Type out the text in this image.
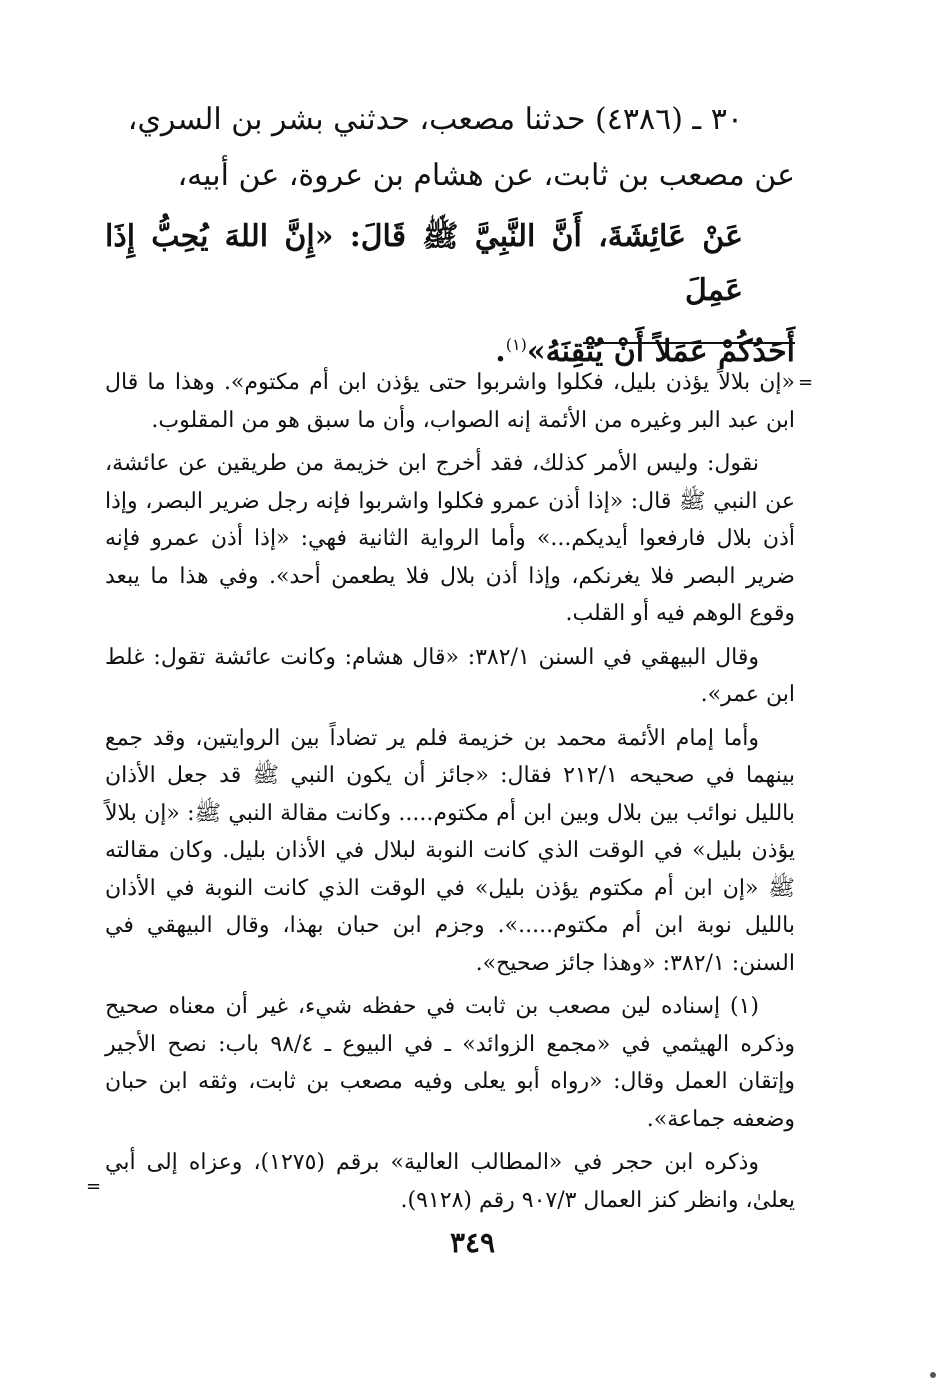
٣٠ ـ (٤٣٨٦) حدثنا مصعب، حدثني بشر بن السري،

عن مصعب بن ثابت، عن هشام بن عروة، عن أبيه،

عَنْ عَائِشَةَ، أَنَّ النَّبِيَّ ﷺ قَالَ: «إِنَّ اللهَ يُحِبُّ إِذَا عَمِلَ

أَحَدُكُمْ عَمَلاً أَنْ يُتْقِنَهُ»$^{(١)}$.

=

«إن بلالاً يؤذن بليل، فكلوا واشربوا حتى يؤذن ابن أم مكتوم». وهذا ما قال ابن عبد البر وغيره من الأئمة إنه الصواب، وأن ما سبق هو من المقلوب.

نقول: وليس الأمر كذلك، فقد أخرج ابن خزيمة من طريقين عن عائشة، عن النبي ﷺ قال: «إذا أذن عمرو فكلوا واشربوا فإنه رجل ضرير البصر، وإذا أذن بلال فارفعوا أيديكم...» وأما الرواية الثانية فهي: «إذا أذن عمرو فإنه ضرير البصر فلا يغرنكم، وإذا أذن بلال فلا يطعمن أحد». وفي هذا ما يبعد وقوع الوهم فيه أو القلب.

وقال البيهقي في السنن ٣٨٢/١: «قال هشام: وكانت عائشة تقول: غلط ابن عمر».

وأما إمام الأئمة محمد بن خزيمة فلم ير تضاداً بين الروايتين، وقد جمع بينهما في صحيحه ٢١٢/١ فقال: «جائز أن يكون النبي ﷺ قد جعل الأذان بالليل نوائب بين بلال وبين ابن أم مكتوم..... وكانت مقالة النبي ﷺ: «إن بلالاً يؤذن بليل» في الوقت الذي كانت النوبة لبلال في الأذان بليل. وكان مقالته ﷺ «إن ابن أم مكتوم يؤذن بليل» في الوقت الذي كانت النوبة في الأذان بالليل نوبة ابن أم مكتوم.....». وجزم ابن حبان بهذا، وقال البيهقي في السنن: ٣٨٢/١: «وهذا جائز صحيح».

(١) إسناده لين مصعب بن ثابت في حفظه شيء، غير أن معناه صحيح وذكره الهيثمي في «مجمع الزوائد» ـ في البيوع ـ ٩٨/٤ باب: نصح الأجير وإتقان العمل وقال: «رواه أبو يعلى وفيه مصعب بن ثابت، وثقه ابن حبان وضعفه جماعة».

وذكره ابن حجر في «المطالب العالية» برقم (١٢٧٥)، وعزاه إلى أبي يعلىٰ، وانظر كنز العمال ٩٠٧/٣ رقم (٩١٢٨).

=
٣٤٩
